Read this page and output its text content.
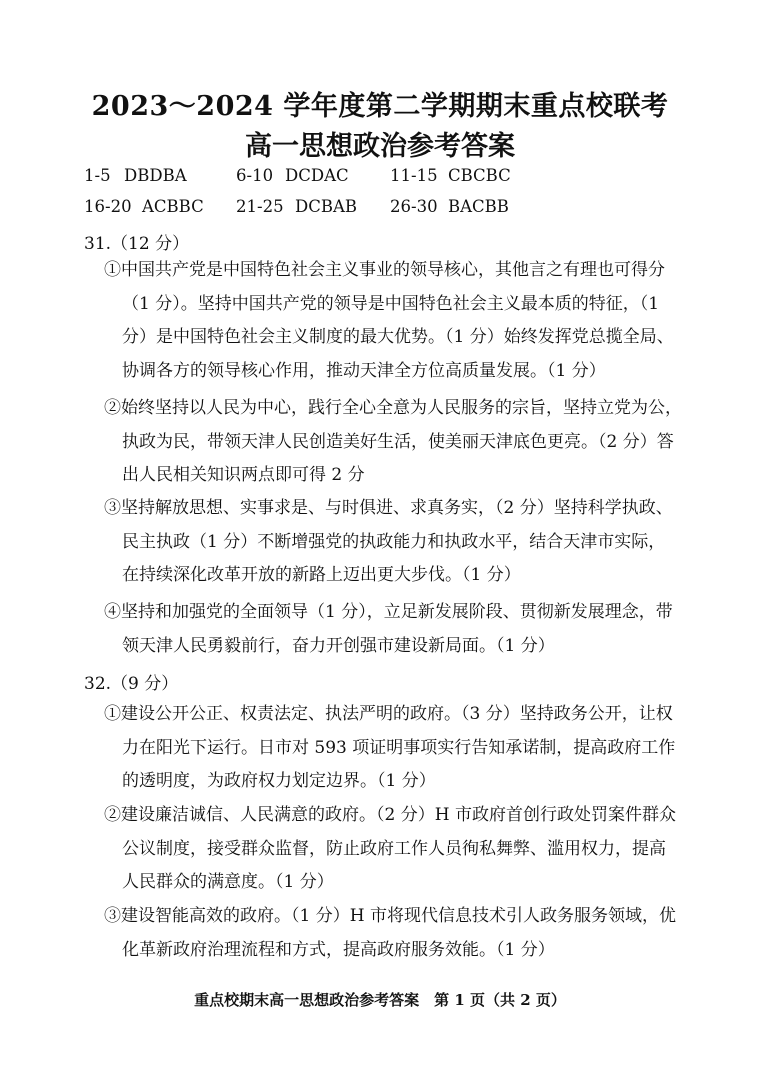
2023～2024 学年度第二学期期末重点校联考
高一思想政治参考答案
1-5 DBDBA	6-10 DCDAC	11-15 CBCBC
16-20 ACBBC 21-25 DCBAB 26-30 BACBB
31.（12 分）
①中国共产党是中国特色社会主义事业的领导核心，其他言之有理也可得分
（1 分）。坚持中国共产党的领导是中国特色社会主义最本质的特征，（1
分）是中国特色社会主义制度的最大优势。（1 分）始终发挥党总揽全局、
协调各方的领导核心作用，推动天津全方位高质量发展。（1 分）
②始终坚持以人民为中心，践行全心全意为人民服务的宗旨，坚持立党为公，
执政为民，带领天津人民创造美好生活，使美丽天津底色更亮。（2 分）答
出人民相关知识两点即可得 2 分
③坚持解放思想、实事求是、与时俱进、求真务实，（2 分）坚持科学执政、
民主执政（1 分）不断增强党的执政能力和执政水平，结合天津市实际，
在持续深化改革开放的新路上迈出更大步伐。（1 分）
④坚持和加强党的全面领导（1 分），立足新发展阶段、贯彻新发展理念，带
领天津人民勇毅前行，奋力开创强市建设新局面。（1 分）
32.（9 分）
①建设公开公正、权责法定、执法严明的政府。（3 分）坚持政务公开，让权
力在阳光下运行。日市对 593 项证明事项实行告知承诺制，提高政府工作
的透明度，为政府权力划定边界。（1 分）
②建设廉洁诚信、人民满意的政府。（2 分）H 市政府首创行政处罚案件群众
公议制度，接受群众监督，防止政府工作人员徇私舞弊、滥用权力，提高
人民群众的满意度。（1 分）
③建设智能高效的政府。（1 分）H 市将现代信息技术引人政务服务领域，优
化革新政府治理流程和方式，提高政府服务效能。（1 分）
重点校期末高一思想政治参考答案　第 1 页（共 2 页）
